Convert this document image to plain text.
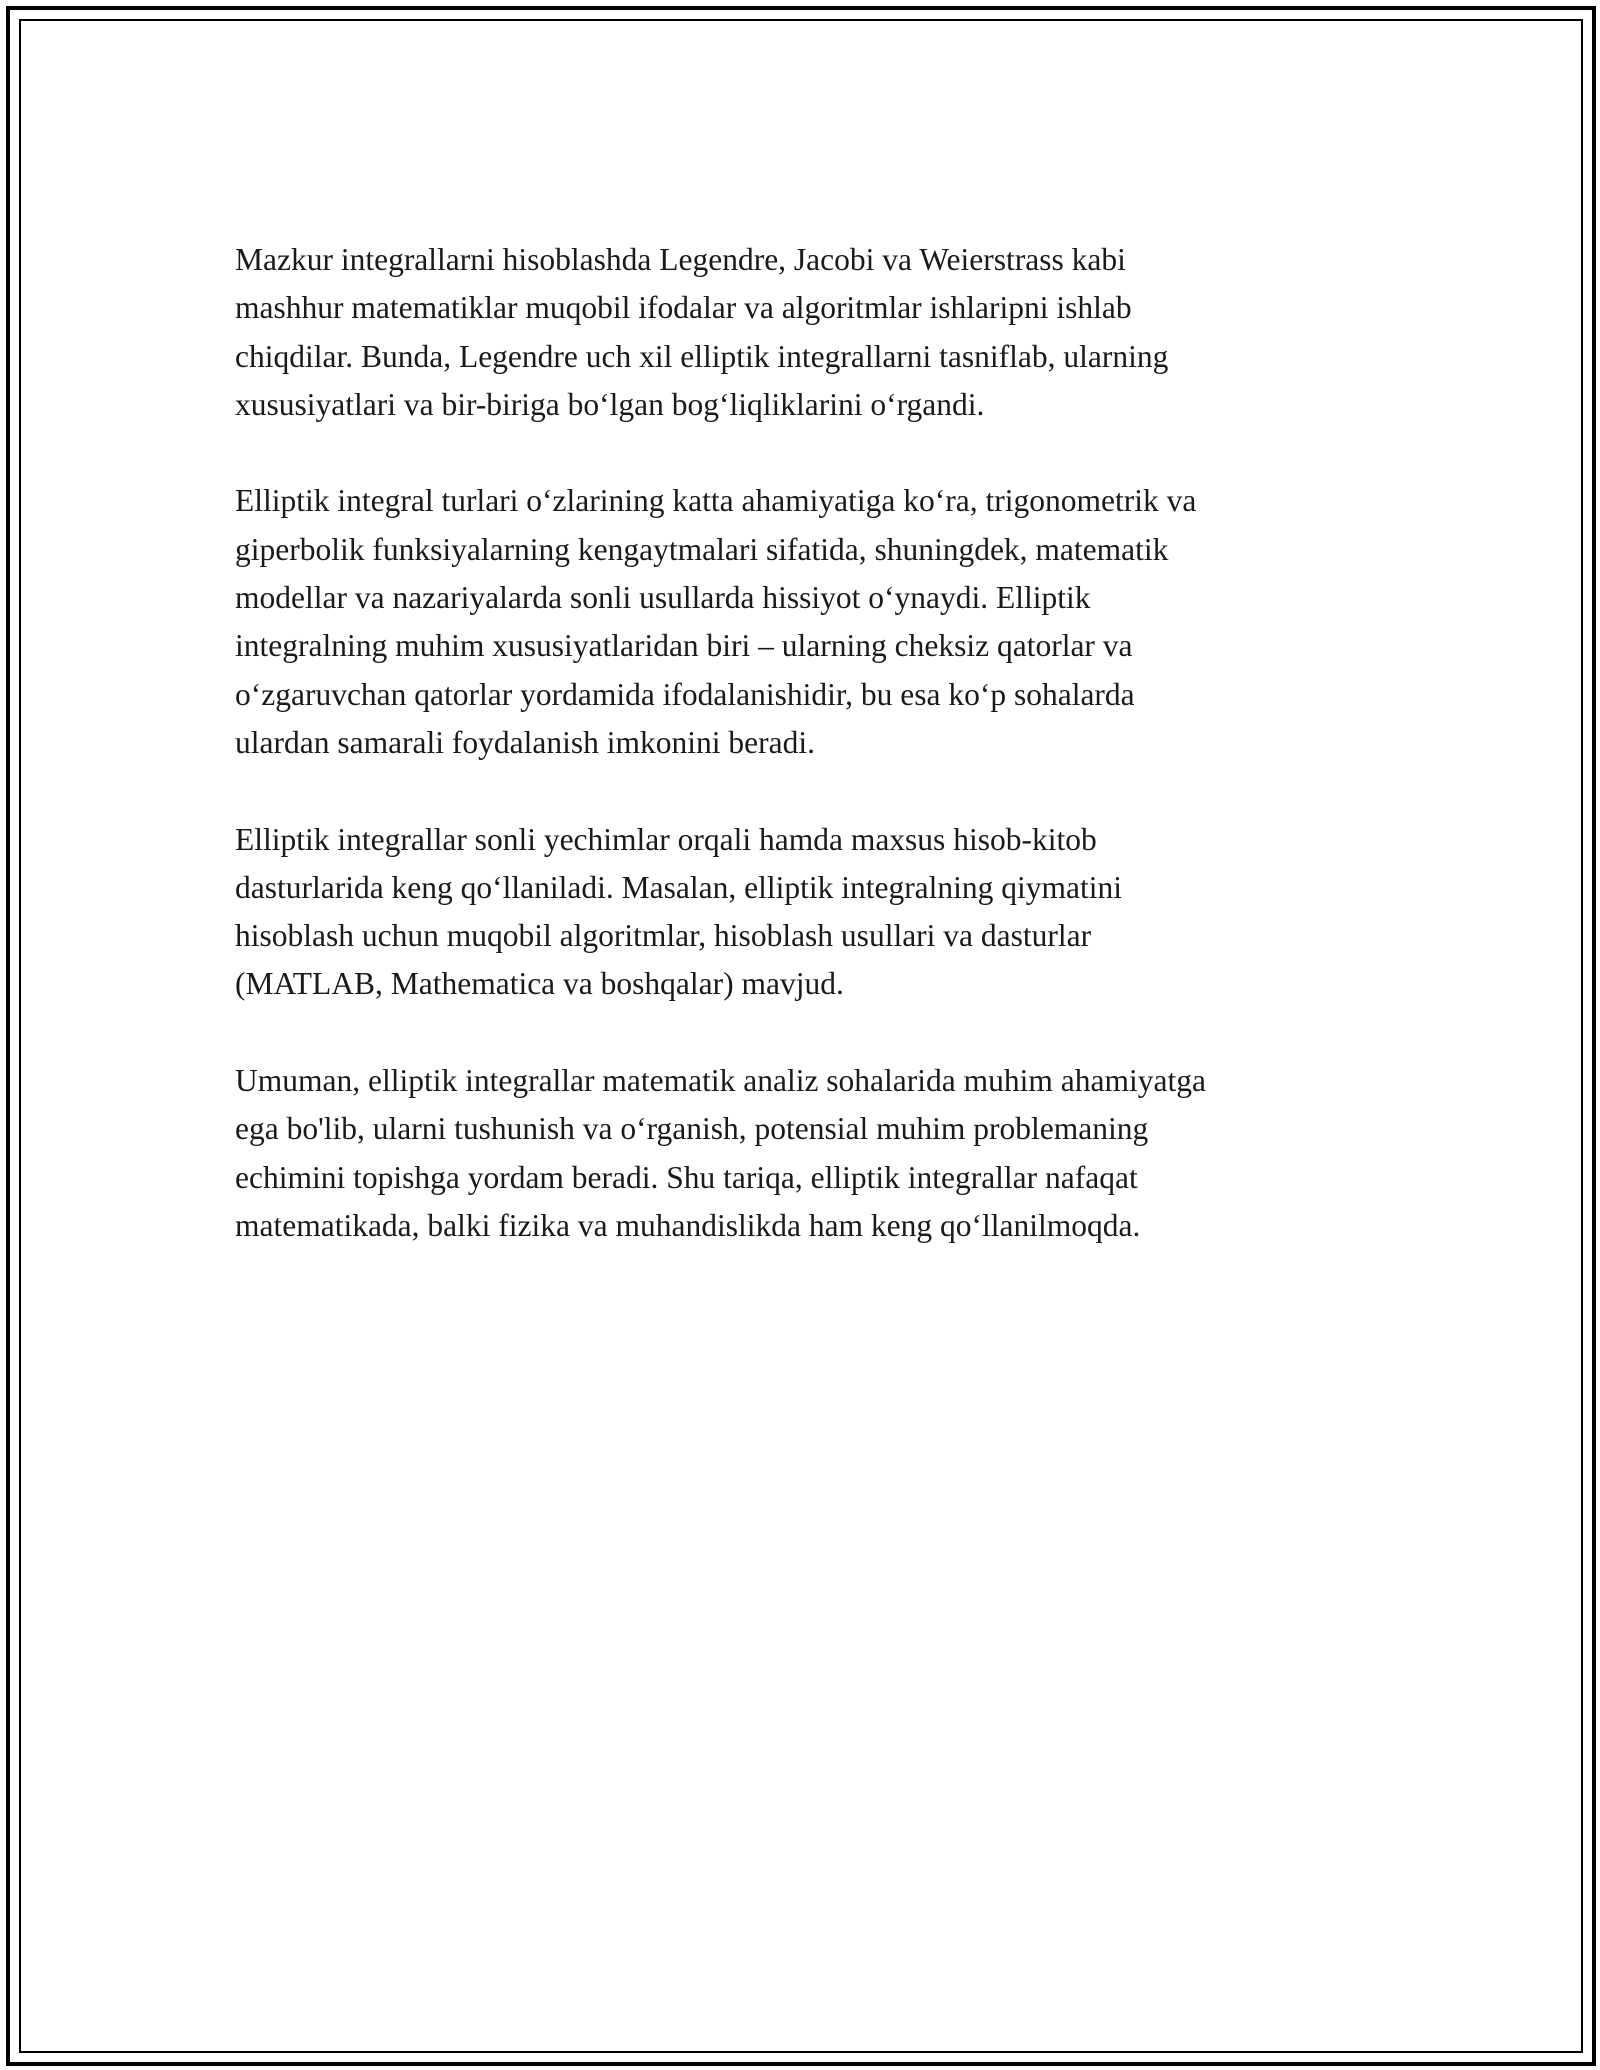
Mazkur integrallarni hisoblashda Legendre, Jacobi va Weierstrass kabi
mashhur matematiklar muqobil ifodalar va algoritmlar ishlaripni ishlab
chiqdilar. Bunda, Legendre uch xil elliptik integrallarni tasniflab, ularning
xususiyatlari va bir-biriga bo‘lgan bog‘liqliklarini o‘rgandi.

Elliptik integral turlari o‘zlarining katta ahamiyatiga ko‘ra, trigonometrik va
giperbolik funksiyalarning kengaytmalari sifatida, shuningdek, matematik
modellar va nazariyalarda sonli usullarda hissiyot o‘ynaydi. Elliptik
integralning muhim xususiyatlaridan biri – ularning cheksiz qatorlar va
o‘zgaruvchan qatorlar yordamida ifodalanishidir, bu esa ko‘p sohalarda
ulardan samarali foydalanish imkonini beradi.

Elliptik integrallar sonli yechimlar orqali hamda maxsus hisob-kitob
dasturlarida keng qo‘llaniladi. Masalan, elliptik integralning qiymatini
hisoblash uchun muqobil algoritmlar, hisoblash usullari va dasturlar
(MATLAB, Mathematica va boshqalar) mavjud.

Umuman, elliptik integrallar matematik analiz sohalarida muhim ahamiyatga
ega bo'lib, ularni tushunish va o‘rganish, potensial muhim problemaning
echimini topishga yordam beradi. Shu tariqa, elliptik integrallar nafaqat
matematikada, balki fizika va muhandislikda ham keng qo‘llanilmoqda.
